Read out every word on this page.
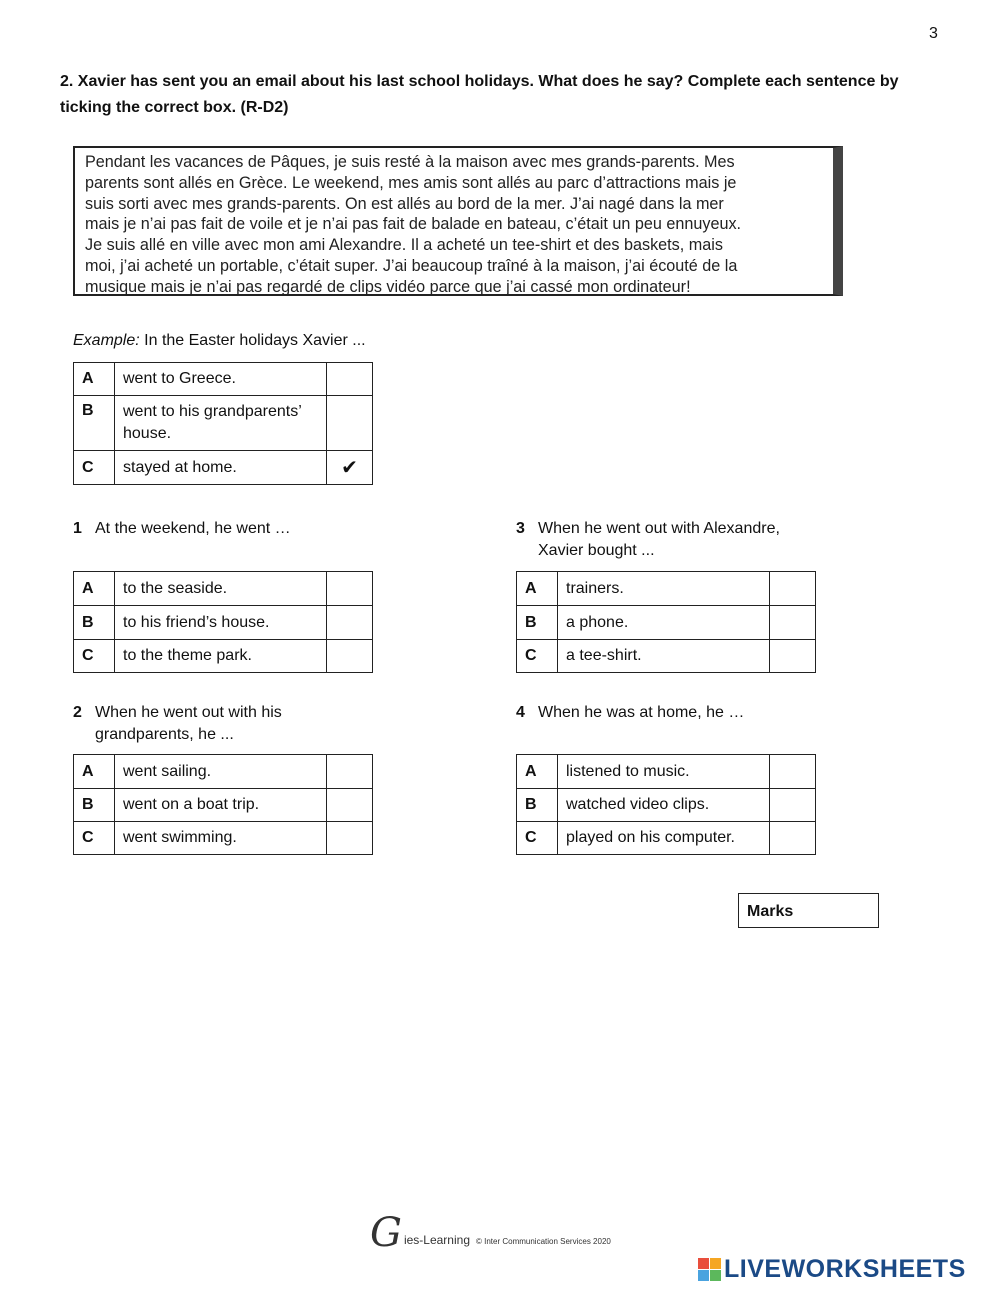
3
2. Xavier has sent you an email about his last school holidays. What does he say? Complete each sentence by ticking the correct box. (R-D2)
Pendant les vacances de Pâques, je suis resté à la maison avec mes grands-parents. Mes
parents sont allés en Grèce. Le weekend, mes amis sont allés au parc d’attractions mais je
suis sorti avec mes grands-parents. On est allés au bord de la mer. J’ai nagé dans la mer
mais je n’ai pas fait de voile et je n’ai pas fait de balade en bateau, c’était un peu ennuyeux.
Je suis allé en ville avec mon ami Alexandre. Il a acheté un tee-shirt et des baskets, mais
moi, j’ai acheté un portable, c’était super. J’ai beaucoup traîné à la maison, j’ai écouté de la
musique mais je n’ai pas regardé de clips vidéo parce que j’ai cassé mon ordinateur!
Example: In the Easter holidays Xavier ...
A	went to Greece.	
B	went to his grandparents’ house.	
C	stayed at home.	✔
1 At the weekend, he went …
A	to the seaside.	
B	to his friend’s house.	
C	to the theme park.	
2 When he went out with his
grandparents, he ...
A	went sailing.	
B	went on a boat trip.	
C	went swimming.	
3 When he went out with Alexandre,
Xavier bought ...
A	trainers.	
B	a phone.	
C	a tee-shirt.	
4 When he was at home, he …
A	listened to music.	
B	watched video clips.	
C	played on his computer.	
Marks
G ies-Learning © Inter Communication Services 2020
LIVEWORKSHEETS
